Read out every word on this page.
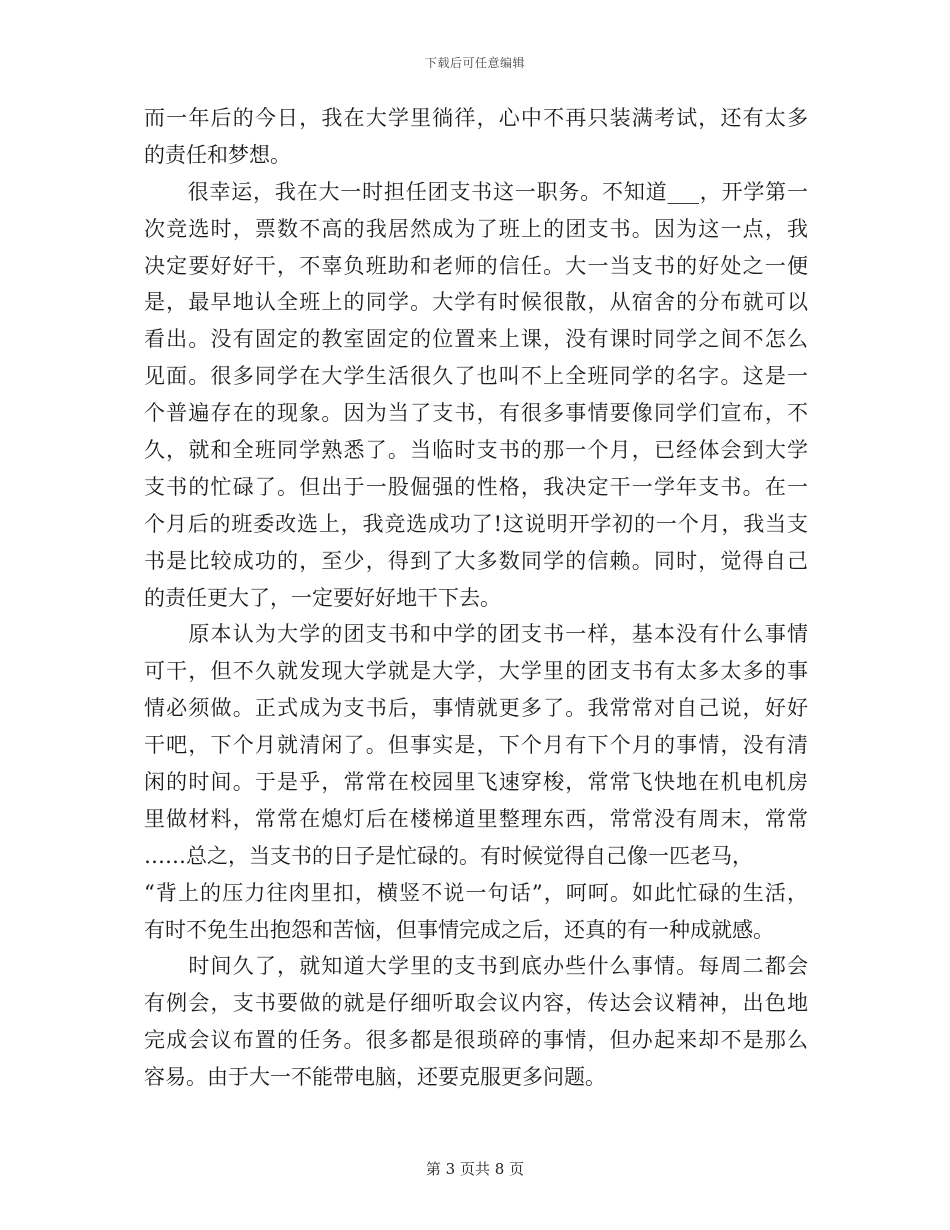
下载后可任意编辑
而一年后的今日，我在大学里徜徉，心中不再只装满考试，还有太多
的责任和梦想。
　　很幸运，我在大一时担任团支书这一职务。不知道___，开学第一
次竞选时，票数不高的我居然成为了班上的团支书。因为这一点，我
决定要好好干，不辜负班助和老师的信任。大一当支书的好处之一便
是，最早地认全班上的同学。大学有时候很散，从宿舍的分布就可以
看出。没有固定的教室固定的位置来上课，没有课时同学之间不怎么
见面。很多同学在大学生活很久了也叫不上全班同学的名字。这是一
个普遍存在的现象。因为当了支书，有很多事情要像同学们宣布，不
久，就和全班同学熟悉了。当临时支书的那一个月，已经体会到大学
支书的忙碌了。但出于一股倔强的性格，我决定干一学年支书。在一
个月后的班委改选上，我竞选成功了!这说明开学初的一个月，我当支
书是比较成功的，至少，得到了大多数同学的信赖。同时，觉得自己
的责任更大了，一定要好好地干下去。
　　原本认为大学的团支书和中学的团支书一样，基本没有什么事情
可干，但不久就发现大学就是大学，大学里的团支书有太多太多的事
情必须做。正式成为支书后，事情就更多了。我常常对自己说，好好
干吧，下个月就清闲了。但事实是，下个月有下个月的事情，没有清
闲的时间。于是乎，常常在校园里飞速穿梭，常常飞快地在机电机房
里做材料，常常在熄灯后在楼梯道里整理东西，常常没有周末，常常
……总之，当支书的日子是忙碌的。有时候觉得自己像一匹老马，
“背上的压力往肉里扣，横竖不说一句话”，呵呵。如此忙碌的生活，
有时不免生出抱怨和苦恼，但事情完成之后，还真的有一种成就感。
　　时间久了，就知道大学里的支书到底办些什么事情。每周二都会
有例会，支书要做的就是仔细听取会议内容，传达会议精神，出色地
完成会议布置的任务。很多都是很琐碎的事情，但办起来却不是那么
容易。由于大一不能带电脑，还要克服更多问题。
第 3 页共 8 页
